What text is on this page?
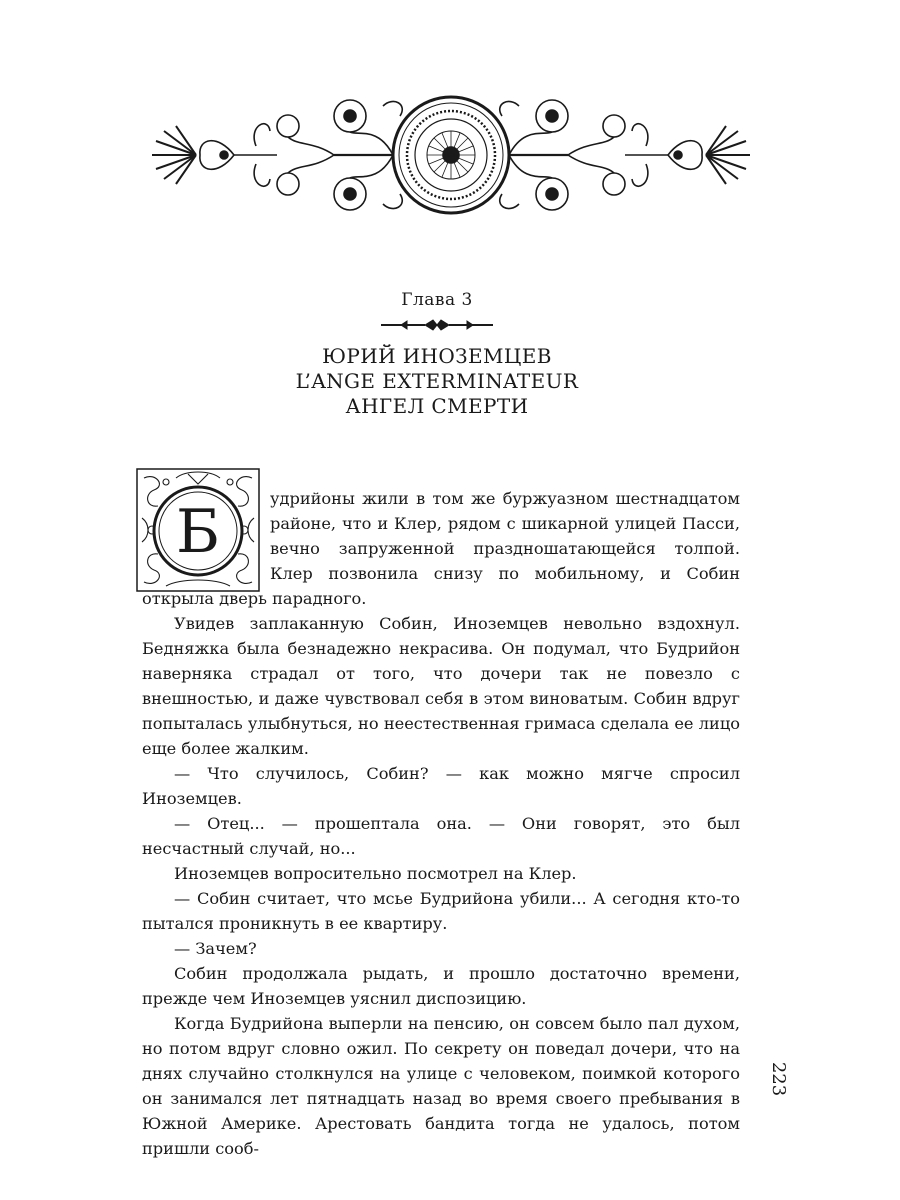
Глава 3
ЮРИЙ ИНОЗЕМЦЕВ
L’ANGE EXTERMINATEUR
АНГЕЛ СМЕРТИ
Б	удрийоны жили в том же буржуазном шестнадцатом районе, что и Клер, рядом с шикарной улицей Пасси, вечно запруженной праздношатающейся толпой. Клер позвонила снизу по мобильному, и Собин открыла дверь парадного.

Увидев заплаканную Собин, Иноземцев невольно вздохнул. Бедняжка была безнадежно некрасива. Он подумал, что Будрийон наверняка страдал от того, что дочери так не повезло с внешностью, и даже чувствовал себя в этом виноватым. Собин вдруг попыталась улыбнуться, но неестественная гримаса сделала ее лицо еще более жалким.

— Что случилось, Собин? — как можно мягче спросил Иноземцев.

— Отец... — прошептала она. — Они говорят, это был несчастный случай, но...

Иноземцев вопросительно посмотрел на Клер.

— Собин считает, что мсье Будрийона убили... А сегодня кто-то пытался проникнуть в ее квартиру.

— Зачем?

Собин продолжала рыдать, и прошло достаточно времени, прежде чем Иноземцев уяснил диспозицию.

Когда Будрийона выперли на пенсию, он совсем было пал духом, но потом вдруг словно ожил. По секрету он поведал дочери, что на днях случайно столкнулся на улице с человеком, поимкой которого он занимался лет пятнадцать назад во время своего пребывания в Южной Америке. Арестовать бандита тогда не удалось, потом пришли сооб-

223
